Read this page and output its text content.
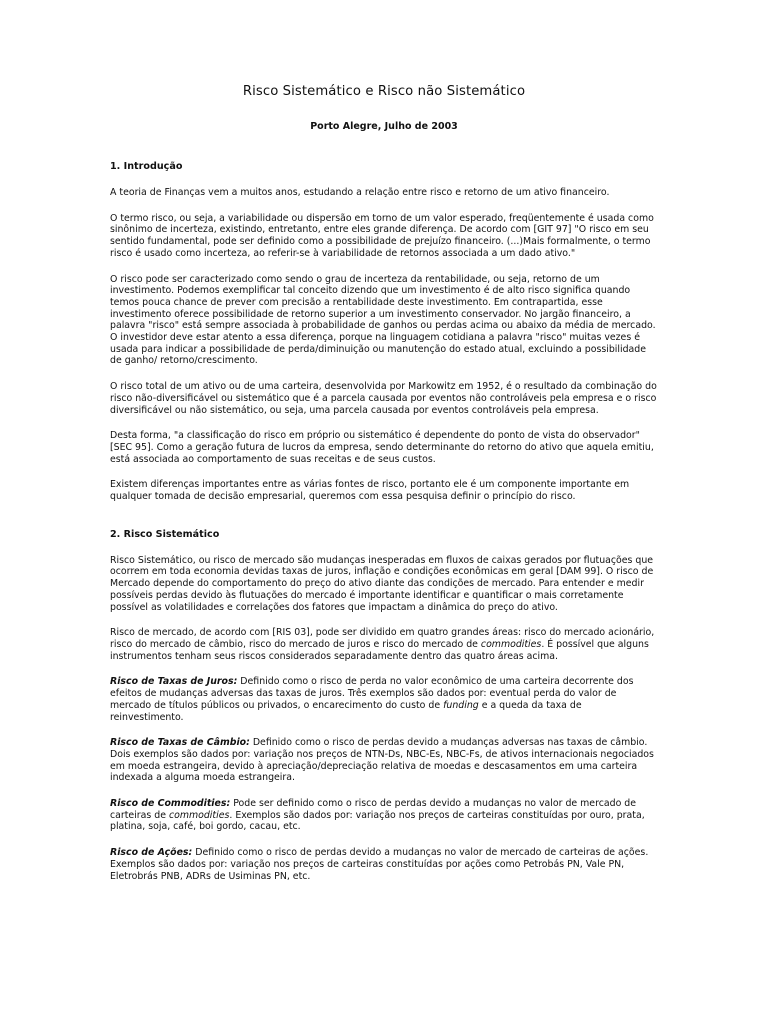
Risco Sistemático e Risco não Sistemático

Porto Alegre, Julho de 2003

1. Introdução

A teoria de Finanças vem a muitos anos, estudando a relação entre risco e retorno de um ativo financeiro.

O termo risco, ou seja, a variabilidade ou dispersão em torno de um valor esperado, freqüentemente é usada como sinônimo de incerteza, existindo, entretanto, entre eles grande diferença. De acordo com [GIT 97] "O risco em seu sentido fundamental, pode ser definido como a possibilidade de prejuízo financeiro. (...)Mais formalmente, o termo risco é usado como incerteza, ao referir-se à variabilidade de retornos associada a um dado ativo."

O risco pode ser caracterizado como sendo o grau de incerteza da rentabilidade, ou seja, retorno de um investimento. Podemos exemplificar tal conceito dizendo que um investimento é de alto risco significa quando temos pouca chance de prever com precisão a rentabilidade deste investimento. Em contrapartida, esse investimento oferece possibilidade de retorno superior a um investimento conservador. No jargão financeiro, a palavra "risco" está sempre associada à probabilidade de ganhos ou perdas acima ou abaixo da média de mercado. O investidor deve estar atento a essa diferença, porque na linguagem cotidiana a palavra "risco" muitas vezes é usada para indicar a possibilidade de perda/diminuição ou manutenção do estado atual, excluindo a possibilidade de ganho/ retorno/crescimento.

O risco total de um ativo ou de uma carteira, desenvolvida por Markowitz em 1952, é o resultado da combinação do risco não-diversificável ou sistemático que é a parcela causada por eventos não controláveis pela empresa e o risco diversificável ou não sistemático, ou seja, uma parcela causada por eventos controláveis pela empresa.

Desta forma, "a classificação do risco em próprio ou sistemático é dependente do ponto de vista do observador" [SEC 95]. Como a geração futura de lucros da empresa, sendo determinante do retorno do ativo que aquela emitiu, está associada ao comportamento de suas receitas e de seus custos.

Existem diferenças importantes entre as várias fontes de risco, portanto ele é um componente importante em qualquer tomada de decisão empresarial, queremos com essa pesquisa definir o princípio do risco.

2. Risco Sistemático

Risco Sistemático, ou risco de mercado são mudanças inesperadas em fluxos de caixas gerados por flutuações que ocorrem em toda economia devidas taxas de juros, inflação e condições econômicas em geral [DAM 99]. O risco de Mercado depende do comportamento do preço do ativo diante das condições de mercado. Para entender e medir possíveis perdas devido às flutuações do mercado é importante identificar e quantificar o mais corretamente possível as volatilidades e correlações dos fatores que impactam a dinâmica do preço do ativo.

Risco de mercado, de acordo com [RIS 03], pode ser dividido em quatro grandes áreas: risco do mercado acionário, risco do mercado de câmbio, risco do mercado de juros e risco do mercado de commodities. É possível que alguns instrumentos tenham seus riscos considerados separadamente dentro das quatro áreas acima.

Risco de Taxas de Juros: Definido como o risco de perda no valor econômico de uma carteira decorrente dos efeitos de mudanças adversas das taxas de juros. Três exemplos são dados por: eventual perda do valor de mercado de títulos públicos ou privados, o encarecimento do custo de funding e a queda da taxa de reinvestimento.

Risco de Taxas de Câmbio: Definido como o risco de perdas devido a mudanças adversas nas taxas de câmbio. Dois exemplos são dados por: variação nos preços de NTN-Ds, NBC-Es, NBC-Fs, de ativos internacionais negociados em moeda estrangeira, devido à apreciação/depreciação relativa de moedas e descasamentos em uma carteira indexada a alguma moeda estrangeira.

Risco de Commodities: Pode ser definido como o risco de perdas devido a mudanças no valor de mercado de carteiras de commodities. Exemplos são dados por: variação nos preços de carteiras constituídas por ouro, prata, platina, soja, café, boi gordo, cacau, etc.

Risco de Ações: Definido como o risco de perdas devido a mudanças no valor de mercado de carteiras de ações. Exemplos são dados por: variação nos preços de carteiras constituídas por ações como Petrobás PN, Vale PN, Eletrobrás PNB, ADRs de Usiminas PN, etc.
